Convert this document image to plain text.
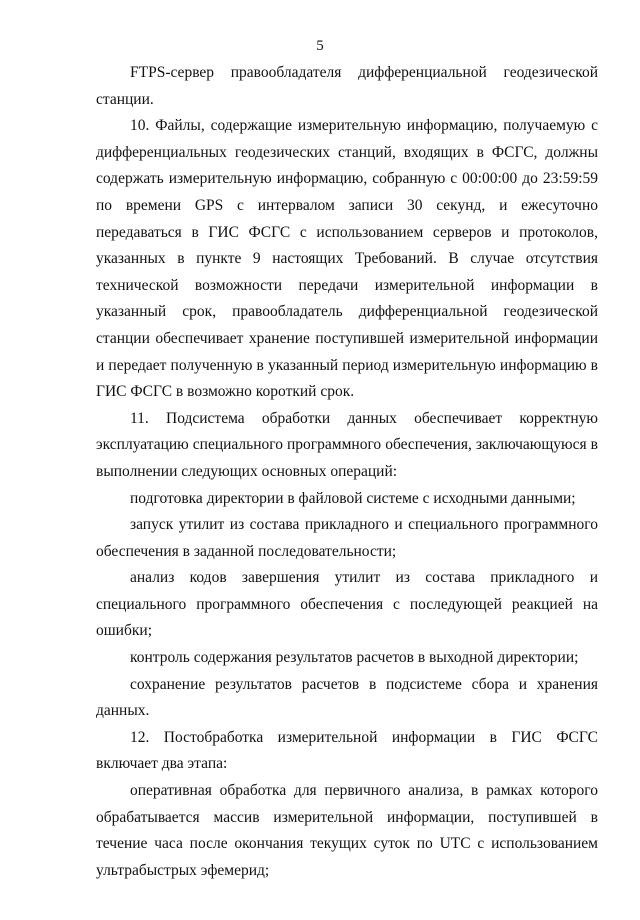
5

FTPS-сервер правообладателя дифференциальной геодезической станции.

10. Файлы, содержащие измерительную информацию, получаемую с дифференциальных геодезических станций, входящих в ФСГС, должны содержать измерительную информацию, собранную с 00:00:00 до 23:59:59 по времени GPS с интервалом записи 30 секунд, и ежесуточно передаваться в ГИС ФСГС с использованием серверов и протоколов, указанных в пункте 9 настоящих Требований. В случае отсутствия технической возможности передачи измерительной информации в указанный срок, правообладатель дифференциальной геодезической станции обеспечивает хранение поступившей измерительной информации и передает полученную в указанный период измерительную информацию в ГИС ФСГС в возможно короткий срок.

11. Подсистема обработки данных обеспечивает корректную эксплуатацию специального программного обеспечения, заключающуюся в выполнении следующих основных операций:

подготовка директории в файловой системе с исходными данными;

запуск утилит из состава прикладного и специального программного обеспечения в заданной последовательности;

анализ кодов завершения утилит из состава прикладного и специального программного обеспечения с последующей реакцией на ошибки;

контроль содержания результатов расчетов в выходной директории;

сохранение результатов расчетов в подсистеме сбора и хранения данных.

12. Постобработка измерительной информации в ГИС ФСГС включает два этапа:

оперативная обработка для первичного анализа, в рамках которого обрабатывается массив измерительной информации, поступившей в течение часа после окончания текущих суток по UTC с использованием ультрабыстрых эфемерид;
